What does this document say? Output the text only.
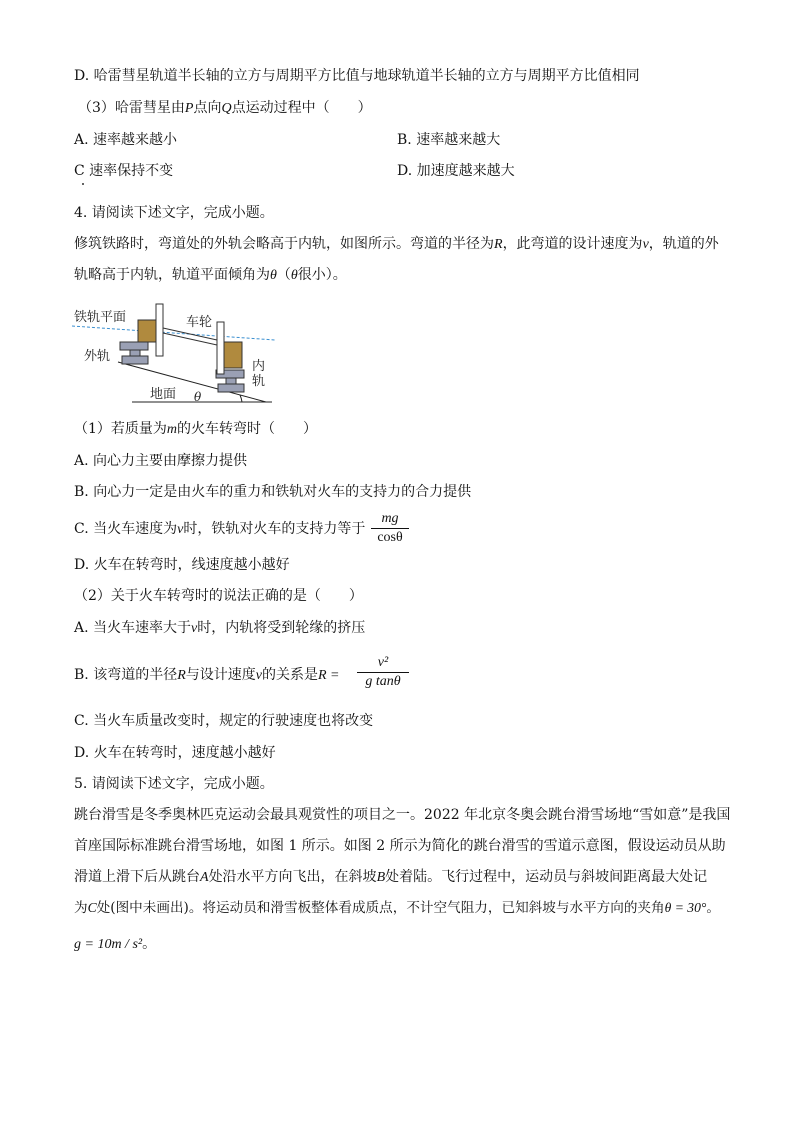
D. 哈雷彗星轨道半长轴的立方与周期平方比值与地球轨道半长轴的立方与周期平方比值相同
（3）哈雷彗星由P点向Q点运动过程中（　　）
A. 速率越来越小	B. 速率越来越大
C 速率保持不变	D. 加速度越来越大
4. 请阅读下述文字，完成小题。
修筑铁路时，弯道处的外轨会略高于内轨，如图所示。弯道的半径为R，此弯道的设计速度为v，轨道的外
轨略高于内轨，轨道平面倾角为θ（θ很小）。
铁轨平面	车轮
外轨
内
轨
地面 θ
（1）若质量为m的火车转弯时（　　）
A. 向心力主要由摩擦力提供
B. 向心力一定是由火车的重力和铁轨对火车的支持力的合力提供
C. 当火车速度为v时，铁轨对火车的支持力等于
mg
cosθ
D. 火车在转弯时，线速度越小越好
（2）关于火车转弯时的说法正确的是（　　）
A. 当火车速率大于v时，内轨将受到轮缘的挤压
B. 该弯道的半径R与设计速度v的关系是R =
v²
g tanθ
C. 当火车质量改变时，规定的行驶速度也将改变
D. 火车在转弯时，速度越小越好
5. 请阅读下述文字，完成小题。
跳台滑雪是冬季奥林匹克运动会最具观赏性的项目之一。2022 年北京冬奥会跳台滑雪场地“雪如意”是我国
首座国际标准跳台滑雪场地，如图 1 所示。如图 2 所示为简化的跳台滑雪的雪道示意图，假设运动员从助
滑道上滑下后从跳台A处沿水平方向飞出，在斜坡B处着陆。飞行过程中，运动员与斜坡间距离最大处记
为C处(图中未画出)。将运动员和滑雪板整体看成质点，不计空气阻力，已知斜坡与水平方向的夹角θ = 30°。
g = 10m / s²。
